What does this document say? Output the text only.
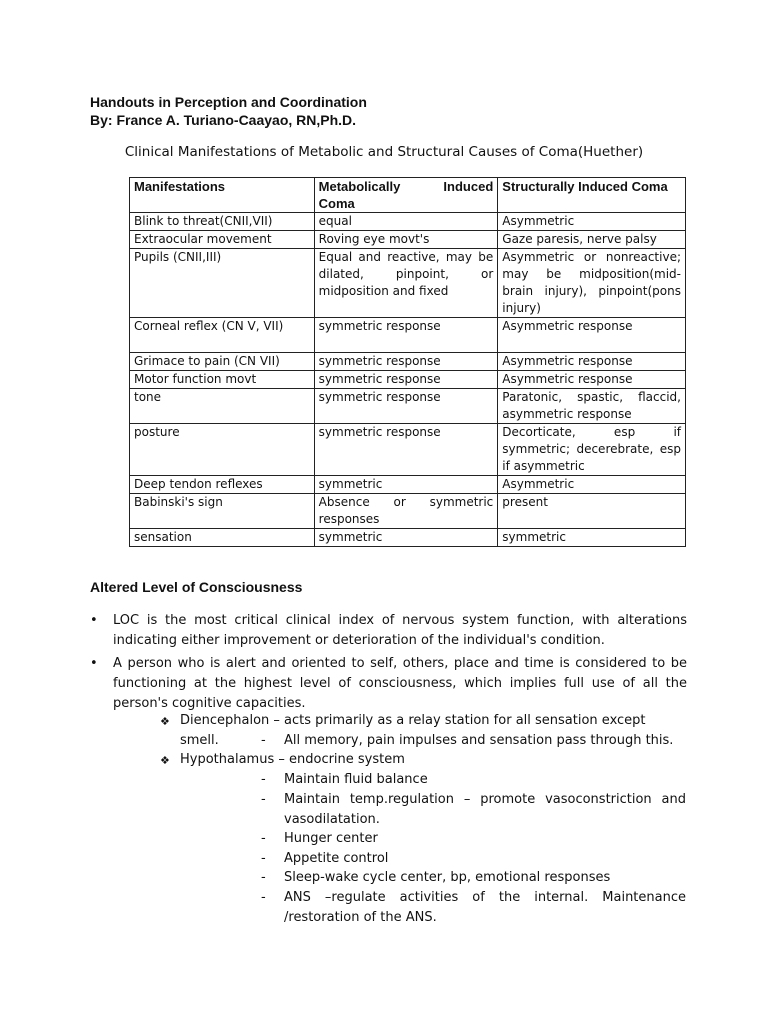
Handouts in Perception and Coordination
By: France A. Turiano-Caayao, RN,Ph.D.
Clinical Manifestations of Metabolic and Structural Causes of Coma(Huether)
Manifestations	Metabolically Induced Coma	Structurally Induced Coma
Blink to threat(CNII,VII)	equal	Asymmetric
Extraocular movement	Roving eye movt's	Gaze paresis, nerve palsy
Pupils (CNII,III)	Equal and reactive, may be dilated, pinpoint, or midposition and fixed	Asymmetric or nonreactive; may be midposition(mid-brain injury), pinpoint(pons injury)
Corneal reflex (CN V, VII)	symmetric response	Asymmetric response
Grimace to pain (CN VII)	symmetric response	Asymmetric response
Motor function movt	symmetric response	Asymmetric response
tone	symmetric response	Paratonic, spastic, flaccid, asymmetric response
posture	symmetric response	Decorticate, esp if symmetric; decerebrate, esp if asymmetric
Deep tendon reflexes	symmetric	Asymmetric
Babinski's sign	Absence or symmetric responses	present
sensation	symmetric	symmetric
Altered Level of Consciousness
• LOC is the most critical clinical index of nervous system function, with alterations indicating either improvement or deterioration of the individual's condition.
• A person who is alert and oriented to self, others, place and time is considered to be functioning at the highest level of consciousness, which implies full use of all the person's cognitive capacities.
❖ Diencephalon – acts primarily as a relay station for all sensation except smell.	- All memory, pain impulses and sensation pass through this.
❖ Hypothalamus – endocrine system
- Maintain fluid balance
- Maintain temp.regulation – promote vasoconstriction and vasodilatation.
- Hunger center
- Appetite control
- Sleep-wake cycle center, bp, emotional responses
- ANS –regulate activities of the internal. Maintenance /restoration of the ANS.
